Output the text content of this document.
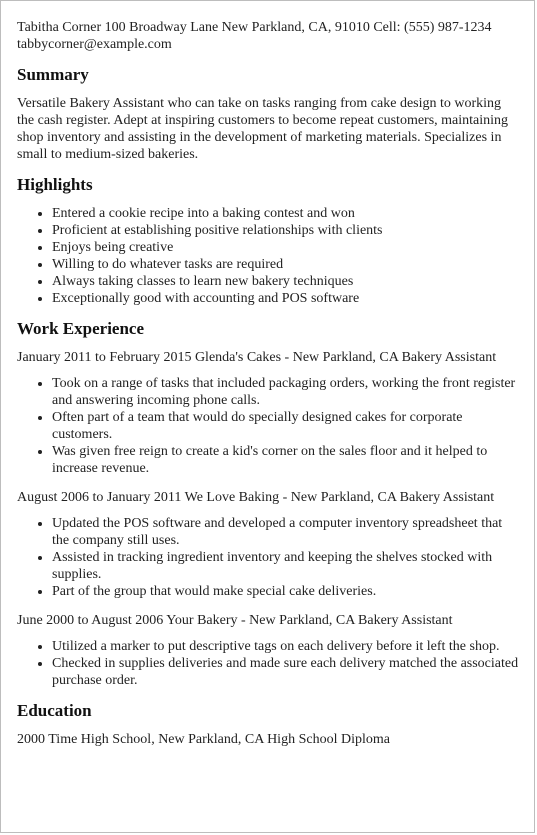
Tabitha Corner 100 Broadway Lane New Parkland, CA, 91010 Cell: (555) 987-1234
tabbycorner@example.com
Summary

Versatile Bakery Assistant who can take on tasks ranging from cake design to working the cash register. Adept at inspiring customers to become repeat customers, maintaining shop inventory and assisting in the development of marketing materials. Specializes in small to medium-sized bakeries.

Highlights
• Entered a cookie recipe into a baking contest and won
• Proficient at establishing positive relationships with clients
• Enjoys being creative
• Willing to do whatever tasks are required
• Always taking classes to learn new bakery techniques
• Exceptionally good with accounting and POS software
Work Experience
January 2011 to February 2015 Glenda's Cakes - New Parkland, CA Bakery Assistant
• Took on a range of tasks that included packaging orders, working the front register and answering incoming phone calls.
• Often part of a team that would do specially designed cakes for corporate customers.
• Was given free reign to create a kid's corner on the sales floor and it helped to increase revenue.
August 2006 to January 2011 We Love Baking - New Parkland, CA Bakery Assistant
• Updated the POS software and developed a computer inventory spreadsheet that the company still uses.
• Assisted in tracking ingredient inventory and keeping the shelves stocked with supplies.
• Part of the group that would make special cake deliveries.
June 2000 to August 2006 Your Bakery - New Parkland, CA Bakery Assistant
• Utilized a marker to put descriptive tags on each delivery before it left the shop.
• Checked in supplies deliveries and made sure each delivery matched the associated purchase order.
Education
2000 Time High School, New Parkland, CA High School Diploma
